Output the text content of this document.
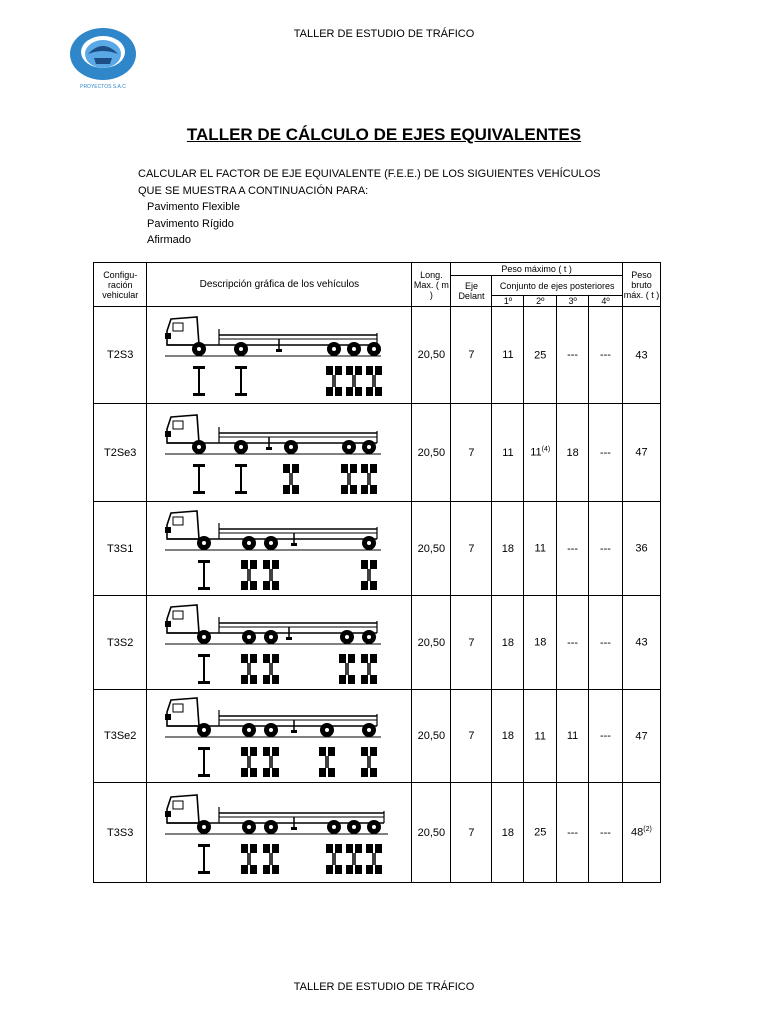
TALLER DE ESTUDIO DE TRÁFICO
PROYECTOS S.A.C
TALLER DE CÁLCULO DE EJES EQUIVALENTES
CALCULAR EL FACTOR DE EJE EQUIVALENTE (F.E.E.) DE LOS SIGUIENTES VEHÍCULOS
QUE SE MUESTRA A CONTINUACIÓN PARA:
Pavimento Flexible
Pavimento Rígido
Afirmado
Configu-ración vehicular	Descripción gráfica de los vehículos	Long. Max. ( m )	Peso máximo ( t )					Peso bruto máx. ( t )
			Eje Delant	Conjunto de ejes posteriores				
				1º	2º	3º	4º	
T2S3		20,50	7	11	25	---	---	43
T2Se3		20,50	7	11	11$^{(4)}$	18	---	47
T3S1		20,50	7	18	11	---	---	36
T3S2		20,50	7	18	18	---	---	43
T3Se2		20,50	7	18	11	11	---	47
T3S3		20,50	7	18	25	---	---	48$^{(2)}$
TALLER DE ESTUDIO DE TRÁFICO
